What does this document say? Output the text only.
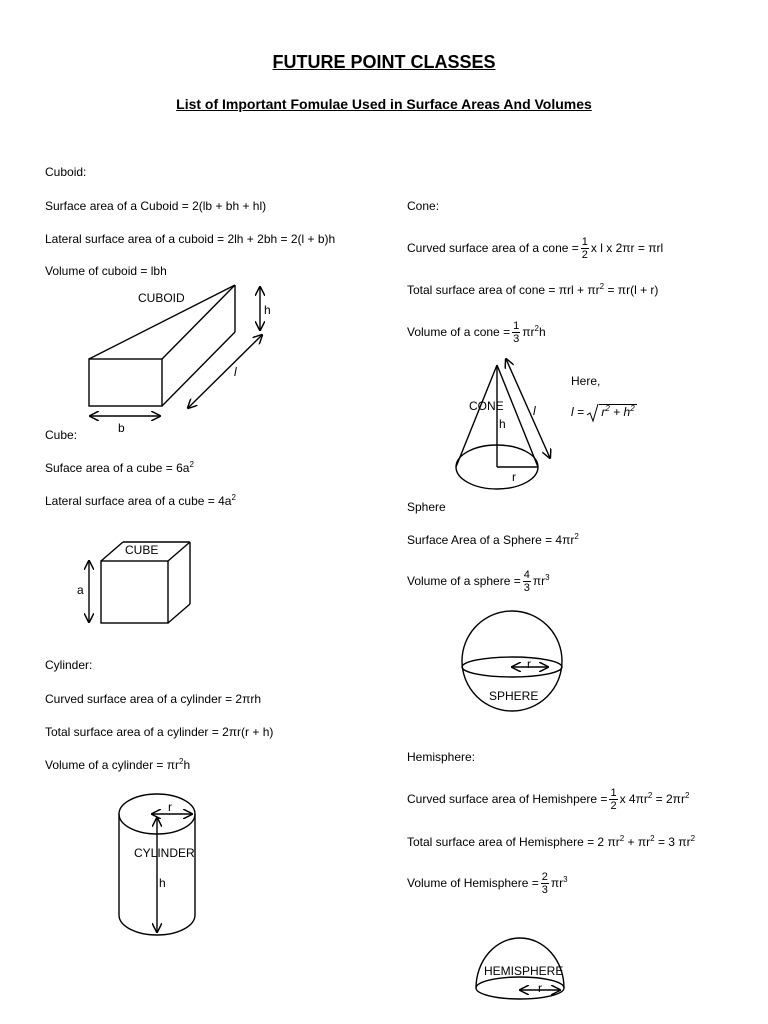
FUTURE POINT CLASSES
List of Important Fomulae Used in Surface Areas And Volumes
Cuboid:
Surface area of a Cuboid = 2(lb + bh + hl)
Lateral surface area of a cuboid = 2lh + 2bh = 2(l + b)h
Volume of cuboid = lbh
CUBOID
h
l
b
Cube:
Suface area of a cube = $6a^2$
Lateral surface area of a cube = $4a^2$
CUBE
a
Cylinder:
Curved surface area of a cylinder = 2πrh
Total surface area of a cylinder = 2πr(r + h)
Volume of a cylinder = $\pi r^2h$
r
CYLINDER
h
Cone:
Curved surface area of a cone = $\frac{1}{2}$ x l x 2πr = πrl
Total surface area of cone = $\pi rl + \pi r^2 = \pi r(l + r)$
Volume of a cone = $\frac{1}{3} \pi r^2h$
CONE
h
r
l
Here,
$l = r^2 + h^2$
Sphere
Surface Area of a Sphere = $4\pi r^2$
Volume of a sphere = $\frac{4}{3} \pi r^3$
r
SPHERE
Hemisphere:
Curved surface area of Hemishpere = $\frac{1}{2}$ x $4\pi r^2 = 2\pi r^2$
Total surface area of Hemisphere = 2 $\pi r^2 + \pi r^2 = 3$ $\pi r^2$
Volume of Hemisphere = $\frac{2}{3} \pi r^3$
HEMISPHERE
r
